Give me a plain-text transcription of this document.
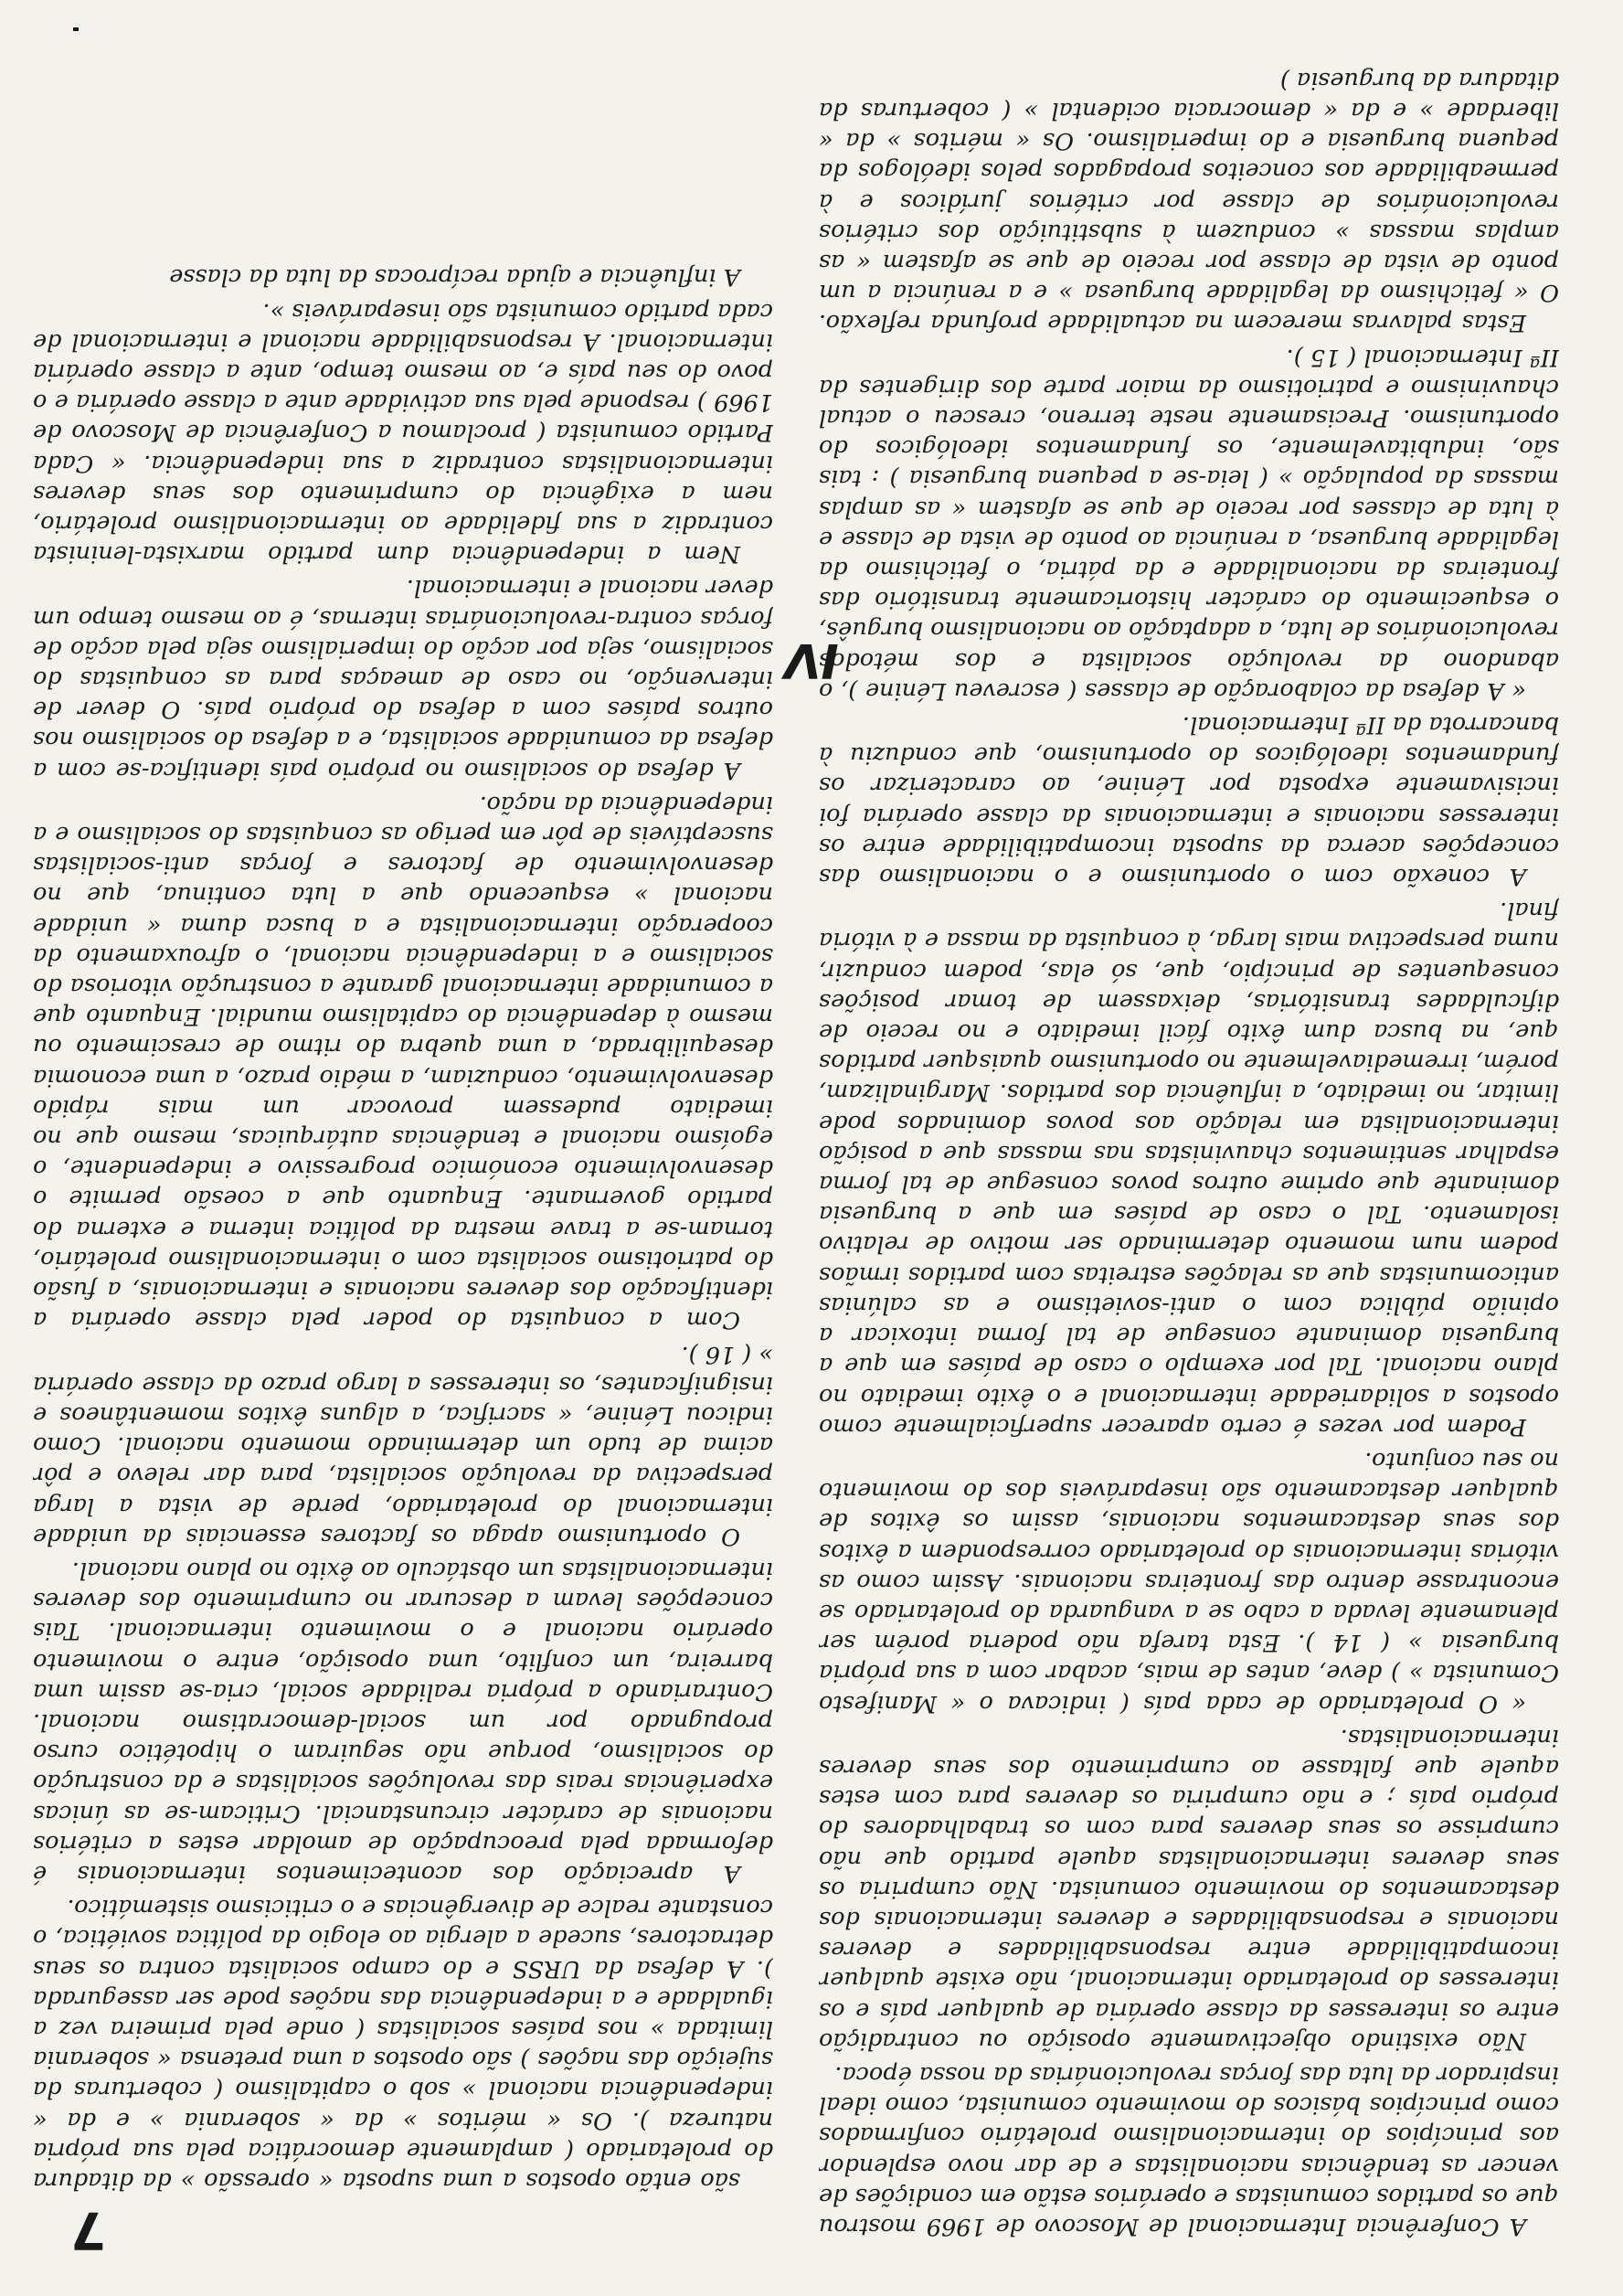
7	A Conferência Internacional de Moscovo de 1969 mostrou que os partidos comunistas e operários estão em condições de vencer as tendências nacionalistas e de dar novo esplendor aos princípios do internacionalismo proletário confirmados como princípios básicos do movimento comunista, como ideal inspirador da luta das forças revolucionárias da nossa época.

Não existindo objectivamente oposição ou contradição entre os interesses da classe operária de qualquer país e os interesses do proletariado internacional, não existe qualquer incompatibilidade entre responsabilidades e deveres nacionais e responsabilidades e deveres internacionais dos destacamentos do movimento comunista. Não cumpriria os seus deveres internacionalistas aquele partido que não cumprisse os seus deveres para com os trabalhadores do próprio país ; e não cumpriria os deveres para com estes aquele que faltasse ao cumprimento dos seus deveres internacionalistas.

« O proletariado de cada país ( indicava o « Manifesto Comunista » ) deve, antes de mais, acabar com a sua própria burguesia » ( 14 ). Esta tarefa não poderia porém ser plenamente levada a cabo se a vanguarda do proletariado se encontrasse dentro das fronteiras nacionais. Assim como as vitórias internacionais do proletariado correspondem a êxitos dos seus destacamentos nacionais, assim os êxitos de qualquer destacamento são inseparáveis dos do movimento no seu conjunto.

Podem por vezes é certo aparecer superficialmente como opostos a solidariedade internacional e o êxito imediato no plano nacional. Tal por exemplo o caso de países em que a burguesia dominante consegue de tal forma intoxicar a opinião pública com o anti-sovietismo e as calúnias anticomunistas que as relações estreitas com partidos irmãos podem num momento determinado ser motivo de relativo isolamento. Tal o caso de países em que a burguesia dominante que oprime outros povos consegue de tal forma espalhar sentimentos chauvinistas nas massas que a posição internacionalista em relação aos povos dominados pode limitar, no imediato, a influência dos partidos. Marginalizam, porém, irremediavelmente no oportunismo quaisquer partidos que, na busca dum êxito fácil imediato e no receio de dificuldades transitórias, deixassem de tomar posições consequentes de princípio, que, só elas, podem conduzir, numa perspectiva mais larga, à conquista da massa e à vitória final.

A conexão com o oportunismo e o nacionalismo das concepções acerca da suposta incompatibilidade entre os interesses nacionais e internacionais da classe operária foi incisivamente exposta por Lénine, ao caracterizar os fundamentos ideológicos do oportunismo, que conduziu à bancarrota da IIª Internacional.

« A defesa da colaboração de classes ( escreveu Lénine ), o abandono da revolução socialista e dos métodos revolucionários de luta, a adaptação ao nacionalismo burguês, o esquecimento do carácter historicamente transitório das fronteiras da nacionalidade e da pátria, o fetichismo da legalidade burguesa, a renúncia ao ponto de vista de classe e à luta de classes por receio de que se afastem « as amplas massas da população » ( leia-se a pequena burguesia ) : tais são, indubitavelmente, os fundamentos ideológicos do oportunismo. Precisamente neste terreno, cresceu o actual chauvinismo e patriotismo da maior parte dos dirigentes da IIª Internacional ( 15 ).

Estas palavras merecem na actualidade profunda reflexão. O « fetichismo da legalidade burguesa » e a renúncia a um ponto de vista de classe por receio de que se afastem « as amplas massas » conduzem à substituição dos critérios revolucionários de classe por critérios jurídicos e à permeabilidade aos conceitos propagados pelos ideólogos da pequena burguesia e do imperialismo. Os « méritos » da « liberdade » e da « democracia ocidental » ( coberturas da ditadura da burguesia )

IV

são então opostos a uma suposta « opressão » da ditadura do proletariado ( amplamente democrática pela sua própria natureza ). Os « méritos » da « soberania » e da « independência nacional » sob o capitalismo ( coberturas da sujeição das nações ) são opostos a uma pretensa « soberania limitada » nos países socialistas ( onde pela primeira vez a igualdade e a independência das nações pode ser assegurada ). A defesa da URSS e do campo socialista contra os seus detractores, sucede a alergia ao elogio da política soviética, o constante realce de divergências e o criticismo sistemático.

A apreciação dos acontecimentos internacionais é deformada pela preocupação de amoldar estes a critérios nacionais de carácter circunstancial. Criticam-se as únicas experiências reais das revoluções socialistas e da construção do socialismo, porque não seguiram o hipotético curso propugnado por um social-democratismo nacional. Contrariando a própria realidade social, cria-se assim uma barreira, um conflito, uma oposição, entre o movimento operário nacional e o movimento internacional. Tais concepções levam a descurar no cumprimento dos deveres internacionalistas um obstáculo ao êxito no plano nacional.

O oportunismo apaga os factores essenciais da unidade internacional do proletariado, perde de vista a larga perspectiva da revolução socialista, para dar relevo e pôr acima de tudo um determinado momento nacional. Como indicou Lénine, « sacrifica, a alguns êxitos momentâneos e insignificantes, os interesses a largo prazo da classe operária » ( 16 ).

Com a conquista do poder pela classe operária a identificação dos deveres nacionais e internacionais, a fusão do patriotismo socialista com o internacionalismo proletário, tornam-se a trave mestra da política interna e externa do partido governante. Enquanto que a coesão permite o desenvolvimento económico progressivo e independente, o egoísmo nacional e tendências autárquicas, mesmo que no imediato pudessem provocar um mais rápido desenvolvimento, conduziam, a médio prazo, a uma economia desequilibrada, a uma quebra do ritmo de crescimento ou mesmo à dependência do capitalismo mundial. Enquanto que a comunidade internacional garante a construção vitoriosa do socialismo e a independência nacional, o afrouxamento da cooperação internacionalista e a busca duma « unidade nacional » esquecendo que a luta continua, que no desenvolvimento de factores e forças anti-socialistas susceptíveis de pôr em perigo as conquistas do socialismo e a independência da nação.

A defesa do socialismo no próprio país identifica-se com a defesa da comunidade socialista, e a defesa do socialismo nos outros países com a defesa do próprio país. O dever de intervenção, no caso de ameaças para as conquistas do socialismo, seja por acção do imperialismo seja pela acção de forças contra-revolucionárias internas, é ao mesmo tempo um dever nacional e internacional.

Nem a independência dum partido marxista-leninista contradiz a sua fidelidade ao internacionalismo proletário, nem a exigência do cumprimento dos seus deveres internacionalistas contradiz a sua independência. « Cada Partido comunista ( proclamou a Conferência de Moscovo de 1969 ) responde pela sua actividade ante a classe operária e o povo do seu país e, ao mesmo tempo, ante a classe operária internacional. A responsabilidade nacional e internacional de cada partido comunista são inseparáveis ».

A influência e ajuda recíprocas da luta da classe
